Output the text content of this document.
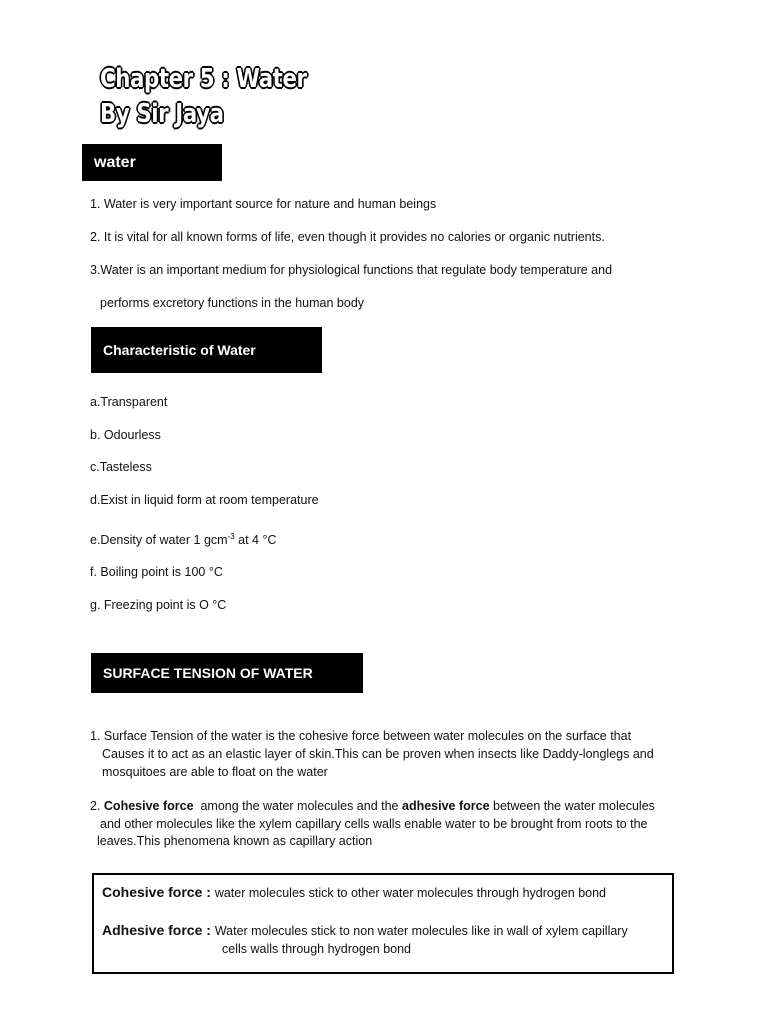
Chapter 5 : Water
By Sir Jaya
water
1. Water is very important source for nature and human beings
2. It is vital for all known forms of life, even though it provides no calories or organic nutrients.
3.Water is an important medium for physiological functions that regulate body temperature and
performs excretory functions in the human body
Characteristic of Water
a.Transparent
b. Odourless
c.Tasteless
d.Exist in liquid form at room temperature
e.Density of water 1 gcm$^{-3}$ at 4 °C
f. Boiling point is 100 °C
g. Freezing point is O °C
SURFACE TENSION OF WATER
1. Surface Tension of the water is the cohesive force between water molecules on the surface that
Causes it to act as an elastic layer of skin.This can be proven when insects like Daddy-longlegs and
mosquitoes are able to float on the water
2. Cohesive force  among the water molecules and the adhesive force between the water molecules
and other molecules like the xylem capillary cells walls enable water to be brought from roots to the
leaves.This phenomena known as capillary action
Cohesive force : water molecules stick to other water molecules through hydrogen bond
Adhesive force : Water molecules stick to non water molecules like in wall of xylem capillary
cells walls through hydrogen bond
